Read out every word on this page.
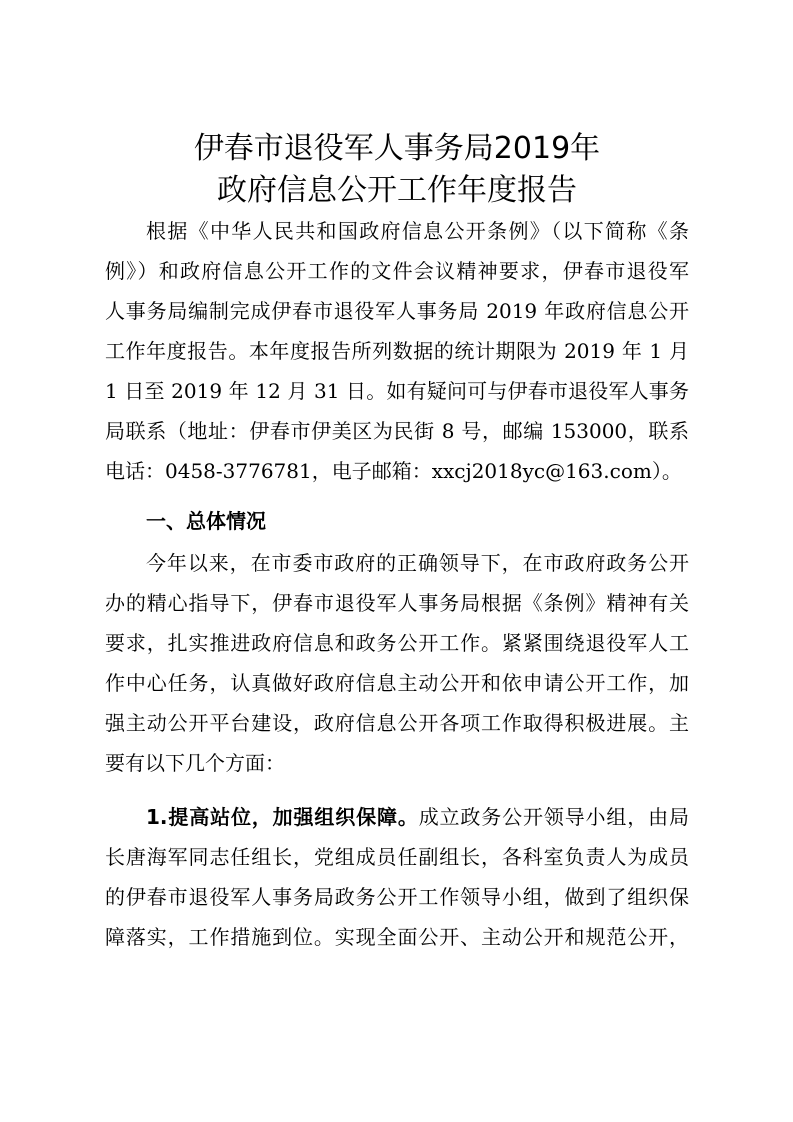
伊春市退役军人事务局2019年
政府信息公开工作年度报告
根据《中华人民共和国政府信息公开条例》（以下简称《条
例》）和政府信息公开工作的文件会议精神要求，伊春市退役军
人事务局编制完成伊春市退役军人事务局 2019 年政府信息公开
工作年度报告。本年度报告所列数据的统计期限为 2019 年 1 月
1 日至 2019 年 12 月 31 日。如有疑问可与伊春市退役军人事务
局联系（地址：伊春市伊美区为民街 8 号，邮编 153000，联系
电话：0458-3776781，电子邮箱：xxcj2018yc@163.com）。
一、总体情况
今年以来，在市委市政府的正确领导下，在市政府政务公开
办的精心指导下，伊春市退役军人事务局根据《条例》精神有关
要求，扎实推进政府信息和政务公开工作。紧紧围绕退役军人工
作中心任务，认真做好政府信息主动公开和依申请公开工作，加
强主动公开平台建设，政府信息公开各项工作取得积极进展。主
要有以下几个方面：
1.提高站位，加强组织保障。成立政务公开领导小组，由局
长唐海军同志任组长，党组成员任副组长，各科室负责人为成员
的伊春市退役军人事务局政务公开工作领导小组，做到了组织保
障落实，工作措施到位。实现全面公开、主动公开和规范公开，
